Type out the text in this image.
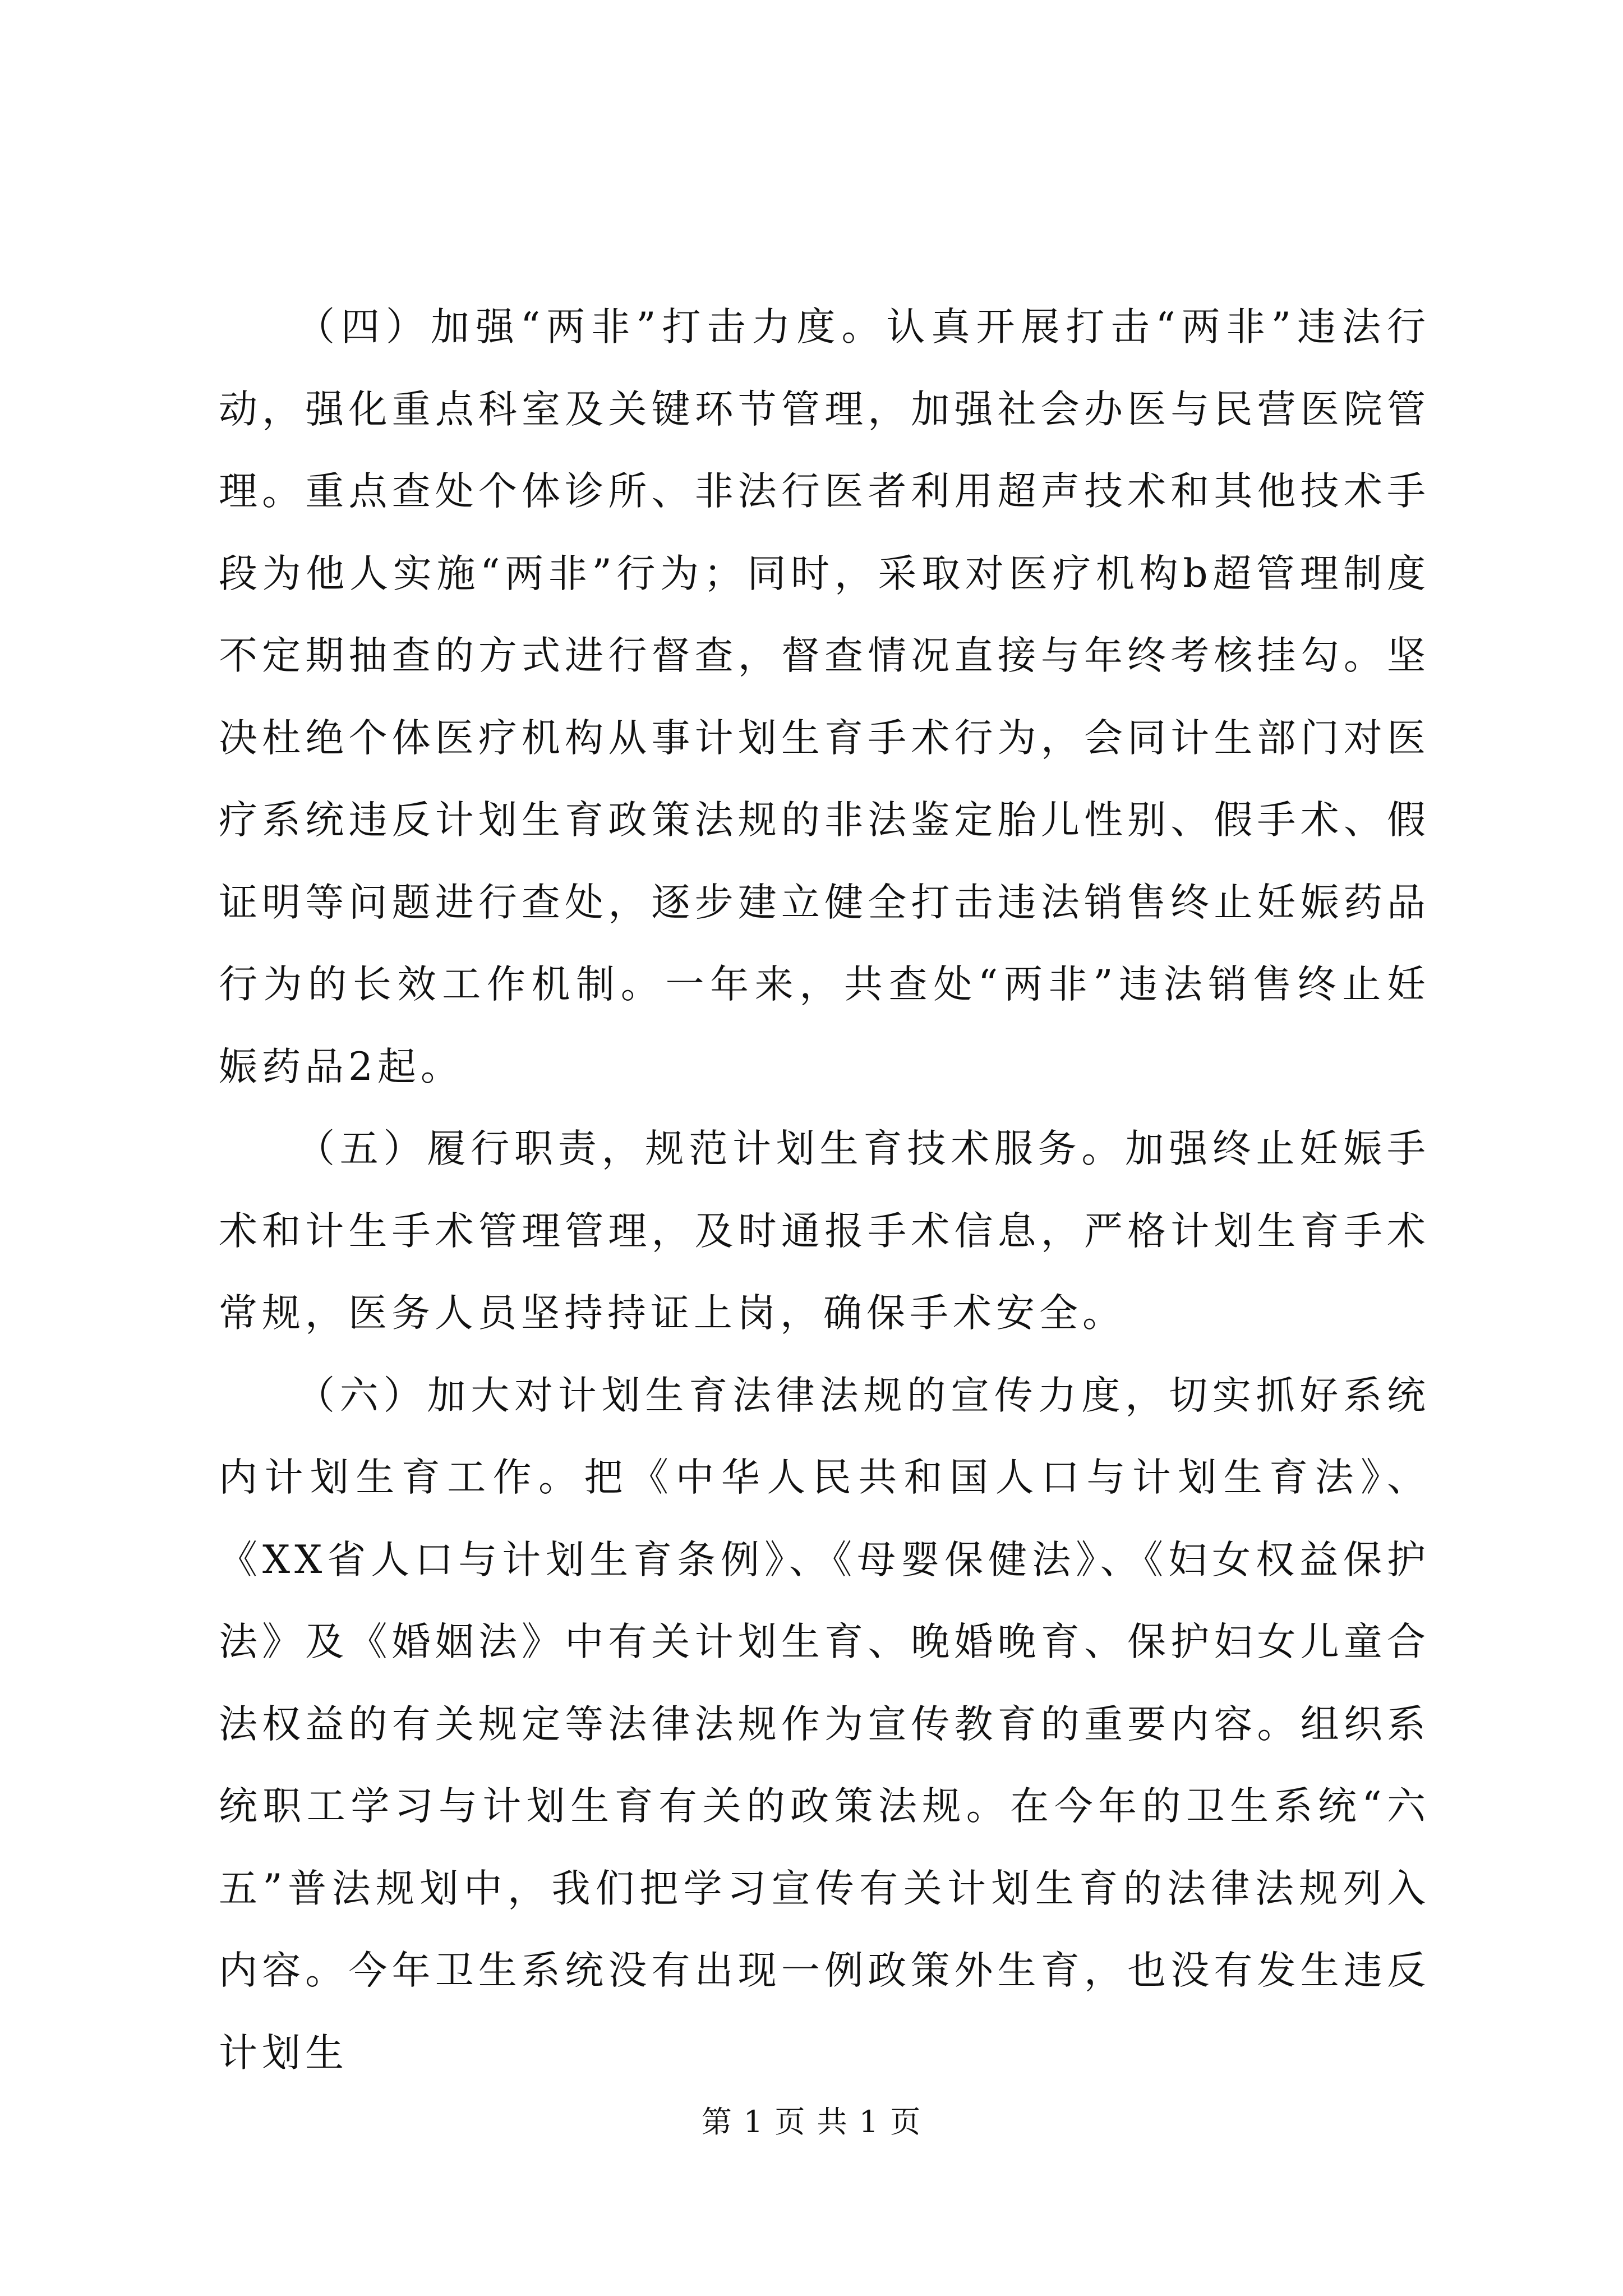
（四）加强“两非”打击力度。认真开展打击“两非”违法行动，强化重点科室及关键环节管理，加强社会办医与民营医院管理。重点查处个体诊所、非法行医者利用超声技术和其他技术手段为他人实施“两非”行为；同时，采取对医疗机构b超管理制度不定期抽查的方式进行督查，督查情况直接与年终考核挂勾。坚决杜绝个体医疗机构从事计划生育手术行为，会同计生部门对医疗系统违反计划生育政策法规的非法鉴定胎儿性别、假手术、假证明等问题进行查处，逐步建立健全打击违法销售终止妊娠药品行为的长效工作机制。一年来，共查处“两非”违法销售终止妊娠药品2起。

（五）履行职责，规范计划生育技术服务。加强终止妊娠手术和计生手术管理管理，及时通报手术信息，严格计划生育手术常规，医务人员坚持持证上岗，确保手术安全。

（六）加大对计划生育法律法规的宣传力度，切实抓好系统内计划生育工作。把《中华人民共和国人口与计划生育法》、《XX省人口与计划生育条例》、《母婴保健法》、《妇女权益保护法》及《婚姻法》中有关计划生育、晚婚晚育、保护妇女儿童合法权益的有关规定等法律法规作为宣传教育的重要内容。组织系统职工学习与计划生育有关的政策法规。在今年的卫生系统“六五”普法规划中，我们把学习宣传有关计划生育的法律法规列入内容。今年卫生系统没有出现一例政策外生育，也没有发生违反计划生

第 1 页 共 1 页
